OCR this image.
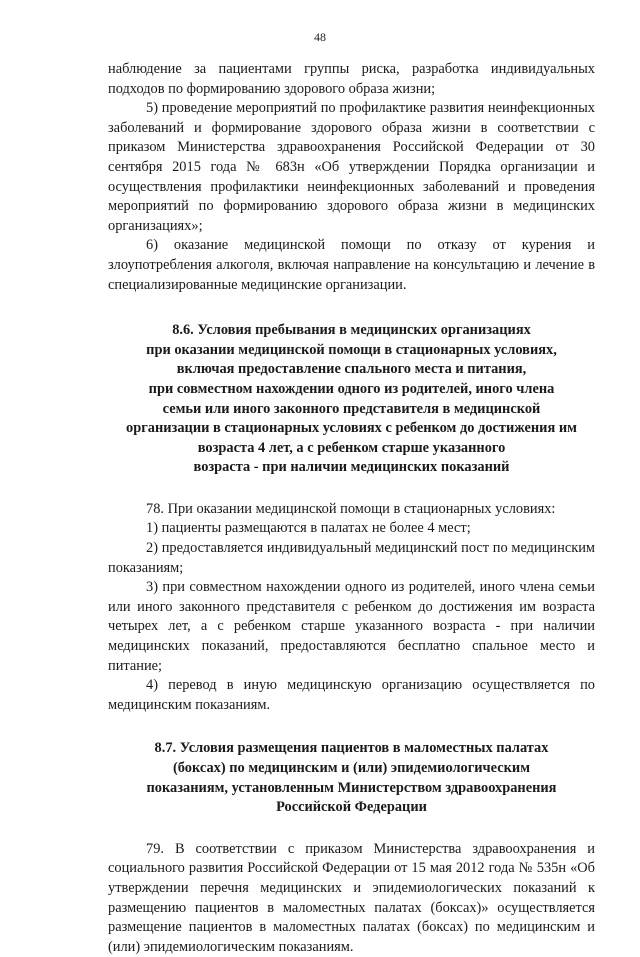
48

наблюдение за пациентами группы риска, разработка индивидуальных подходов по формированию здорового образа жизни;

5) проведение мероприятий по профилактике развития неинфекционных заболеваний и формирование здорового образа жизни в соответствии с приказом Министерства здравоохранения Российской Федерации от 30 сентября 2015 года № 683н «Об утверждении Порядка организации и осуществления профилактики неинфекционных заболеваний и проведения мероприятий по формированию здорового образа жизни в медицинских организациях»;

6) оказание медицинской помощи по отказу от курения и злоупотребления алкоголя, включая направление на консультацию и лечение в специализированные медицинские организации.

8.6. Условия пребывания в медицинских организациях
при оказании медицинской помощи в стационарных условиях,
включая предоставление спального места и питания,
при совместном нахождении одного из родителей, иного члена
семьи или иного законного представителя в медицинской
организации в стационарных условиях с ребенком до достижения им
возраста 4 лет, а с ребенком старше указанного
возраста - при наличии медицинских показаний

78. При оказании медицинской помощи в стационарных условиях:

1) пациенты размещаются в палатах не более 4 мест;

2) предоставляется индивидуальный медицинский пост по медицинским показаниям;

3) при совместном нахождении одного из родителей, иного члена семьи или иного законного представителя с ребенком до достижения им возраста четырех лет, а с ребенком старше указанного возраста - при наличии медицинских показаний, предоставляются бесплатно спальное место и питание;

4) перевод в иную медицинскую организацию осуществляется по медицинским показаниям.

8.7. Условия размещения пациентов в маломестных палатах
(боксах) по медицинским и (или) эпидемиологическим
показаниям, установленным Министерством здравоохранения
Российской Федерации

79. В соответствии с приказом Министерства здравоохранения и социального развития Российской Федерации от 15 мая 2012 года № 535н «Об утверждении перечня медицинских и эпидемиологических показаний к размещению пациентов в маломестных палатах (боксах)» осуществляется размещение пациентов в маломестных палатах (боксах) по медицинским и (или) эпидемиологическим показаниям.
